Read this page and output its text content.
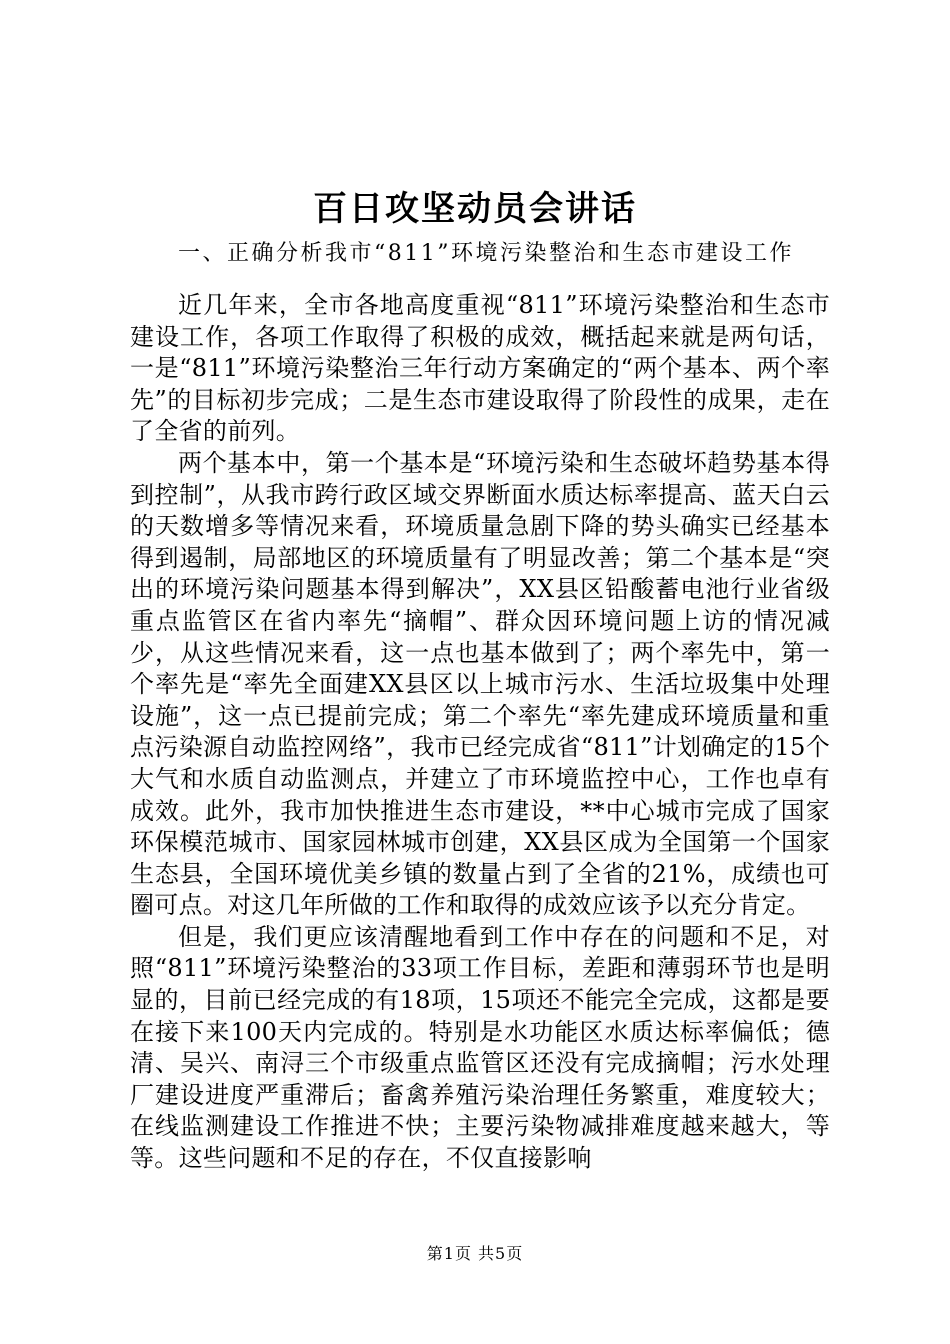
百日攻坚动员会讲话

一、正确分析我市“811”环境污染整治和生态市建设工作

近几年来，全市各地高度重视“811”环境污染整治和生态市建设工作，各项工作取得了积极的成效，概括起来就是两句话，一是“811”环境污染整治三年行动方案确定的“两个基本、两个率先”的目标初步完成；二是生态市建设取得了阶段性的成果，走在了全省的前列。

两个基本中，第一个基本是“环境污染和生态破坏趋势基本得到控制”，从我市跨行政区域交界断面水质达标率提高、蓝天白云的天数增多等情况来看，环境质量急剧下降的势头确实已经基本得到遏制，局部地区的环境质量有了明显改善；第二个基本是“突出的环境污染问题基本得到解决”，XX县区铅酸蓄电池行业省级重点监管区在省内率先“摘帽”、群众因环境问题上访的情况减少，从这些情况来看，这一点也基本做到了；两个率先中，第一个率先是“率先全面建XX县区以上城市污水、生活垃圾集中处理设施”，这一点已提前完成；第二个率先“率先建成环境质量和重点污染源自动监控网络”，我市已经完成省“811”计划确定的15个大气和水质自动监测点，并建立了市环境监控中心，工作也卓有成效。此外，我市加快推进生态市建设，**中心城市完成了国家环保模范城市、国家园林城市创建，XX县区成为全国第一个国家生态县，全国环境优美乡镇的数量占到了全省的21%，成绩也可圈可点。对这几年所做的工作和取得的成效应该予以充分肯定。

但是，我们更应该清醒地看到工作中存在的问题和不足，对照“811”环境污染整治的33项工作目标，差距和薄弱环节也是明显的，目前已经完成的有18项，15项还不能完全完成，这都是要在接下来100天内完成的。特别是水功能区水质达标率偏低；德清、吴兴、南浔三个市级重点监管区还没有完成摘帽；污水处理厂建设进度严重滞后；畜禽养殖污染治理任务繁重，难度较大；在线监测建设工作推进不快；主要污染物减排难度越来越大，等等。这些问题和不足的存在，不仅直接影响

第1页 共5页
